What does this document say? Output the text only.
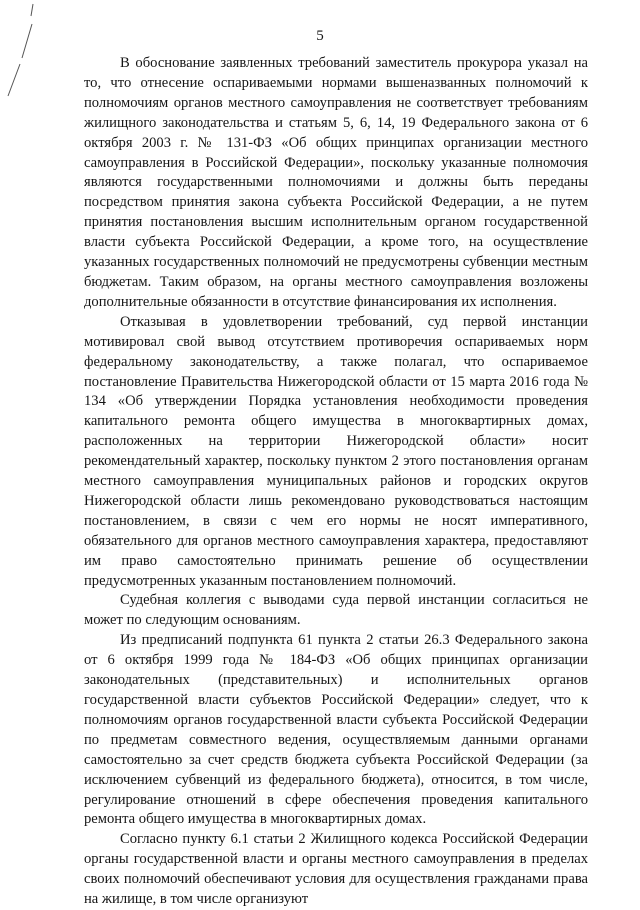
5

В обоснование заявленных требований заместитель прокурора указал на то, что отнесение оспариваемыми нормами вышеназванных полномочий к полномочиям органов местного самоуправления не соответствует требованиям жилищного законодательства и статьям 5, 6, 14, 19 Федерального закона от 6 октября 2003 г. № 131-ФЗ «Об общих принципах организации местного самоуправления в Российской Федерации», поскольку указанные полномочия являются государственными полномочиями и должны быть переданы посредством принятия закона субъекта Российской Федерации, а не путем принятия постановления высшим исполнительным органом государственной власти субъекта Российской Федерации, а кроме того, на осуществление указанных государственных полномочий не предусмотрены субвенции местным бюджетам. Таким образом, на органы местного самоуправления возложены дополнительные обязанности в отсутствие финансирования их исполнения.

Отказывая в удовлетворении требований, суд первой инстанции мотивировал свой вывод отсутствием противоречия оспариваемых норм федеральному законодательству, а также полагал, что оспариваемое постановление Правительства Нижегородской области от 15 марта 2016 года № 134 «Об утверждении Порядка установления необходимости проведения капитального ремонта общего имущества в многоквартирных домах, расположенных на территории Нижегородской области» носит рекомендательный характер, поскольку пунктом 2 этого постановления органам местного самоуправления муниципальных районов и городских округов Нижегородской области лишь рекомендовано руководствоваться настоящим постановлением, в связи с чем его нормы не носят императивного, обязательного для органов местного самоуправления характера, предоставляют им право самостоятельно принимать решение об осуществлении предусмотренных указанным постановлением полномочий.

Судебная коллегия с выводами суда первой инстанции согласиться не может по следующим основаниям.

Из предписаний подпункта 61 пункта 2 статьи 26.3 Федерального закона от 6 октября 1999 года № 184-ФЗ «Об общих принципах организации законодательных (представительных) и исполнительных органов государственной власти субъектов Российской Федерации» следует, что к полномочиям органов государственной власти субъекта Российской Федерации по предметам совместного ведения, осуществляемым данными органами самостоятельно за счет средств бюджета субъекта Российской Федерации (за исключением субвенций из федерального бюджета), относится, в том числе, регулирование отношений в сфере обеспечения проведения капитального ремонта общего имущества в многоквартирных домах.

Согласно пункту 6.1 статьи 2 Жилищного кодекса Российской Федерации органы государственной власти и органы местного самоуправления в пределах своих полномочий обеспечивают условия для осуществления гражданами права на жилище, в том числе организуют
